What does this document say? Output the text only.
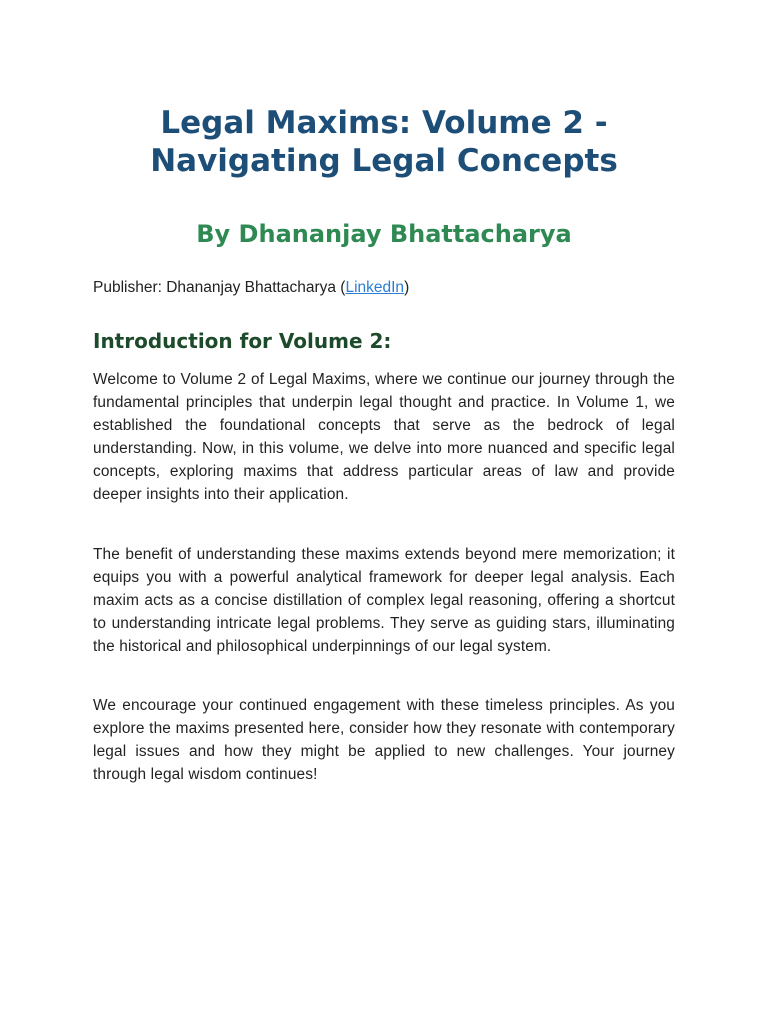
Legal Maxims: Volume 2 - Navigating Legal Concepts
By Dhananjay Bhattacharya

Publisher: Dhananjay Bhattacharya (LinkedIn)

Introduction for Volume 2:

Welcome to Volume 2 of Legal Maxims, where we continue our journey through the fundamental principles that underpin legal thought and practice. In Volume 1, we established the foundational concepts that serve as the bedrock of legal understanding. Now, in this volume, we delve into more nuanced and specific legal concepts, exploring maxims that address particular areas of law and provide deeper insights into their application.

The benefit of understanding these maxims extends beyond mere memorization; it equips you with a powerful analytical framework for deeper legal analysis. Each maxim acts as a concise distillation of complex legal reasoning, offering a shortcut to understanding intricate legal problems. They serve as guiding stars, illuminating the historical and philosophical underpinnings of our legal system.

We encourage your continued engagement with these timeless principles. As you explore the maxims presented here, consider how they resonate with contemporary legal issues and how they might be applied to new challenges. Your journey through legal wisdom continues!
